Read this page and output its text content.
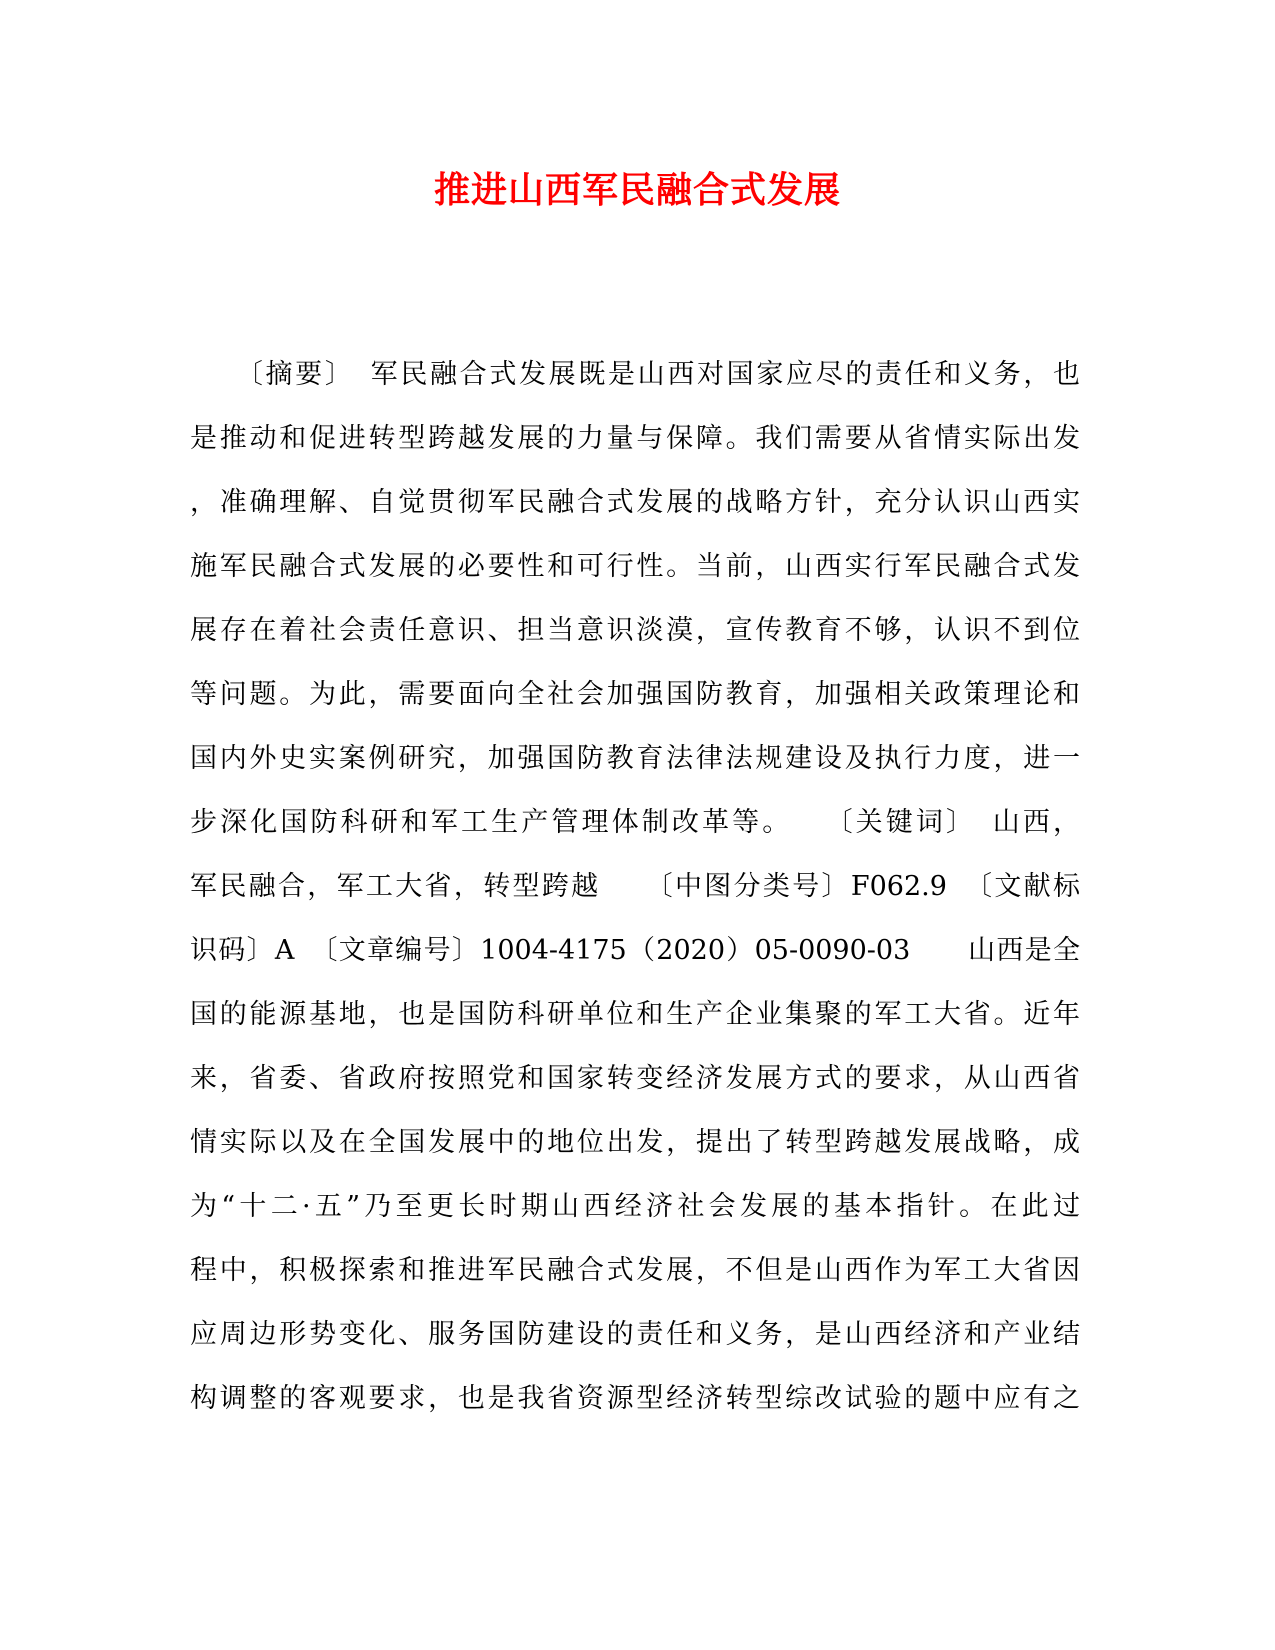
推进山西军民融合式发展
　　〔摘要〕　军民融合式发展既是山西对国家应尽的责任和义务，也
是推动和促进转型跨越发展的力量与保障。我们需要从省情实际出发
，准确理解、自觉贯彻军民融合式发展的战略方针，充分认识山西实
施军民融合式发展的必要性和可行性。当前，山西实行军民融合式发
展存在着社会责任意识、担当意识淡漠，宣传教育不够，认识不到位
等问题。为此，需要面向全社会加强国防教育，加强相关政策理论和
国内外史实案例研究，加强国防教育法律法规建设及执行力度，进一
步深化国防科研和军工生产管理体制改革等。　　〔关键词〕　山西，
军民融合，军工大省，转型跨越　　〔中图分类号〕F062.9　〔文献标
识码〕A　〔文章编号〕1004-4175（2020）05-0090-03　　山西是全
国的能源基地，也是国防科研单位和生产企业集聚的军工大省。近年
来，省委、省政府按照党和国家转变经济发展方式的要求，从山西省
情实际以及在全国发展中的地位出发，提出了转型跨越发展战略，成
为“十二·五”乃至更长时期山西经济社会发展的基本指针。在此过
程中，积极探索和推进军民融合式发展，不但是山西作为军工大省因
应周边形势变化、服务国防建设的责任和义务，是山西经济和产业结
构调整的客观要求，也是我省资源型经济转型综改试验的题中应有之
